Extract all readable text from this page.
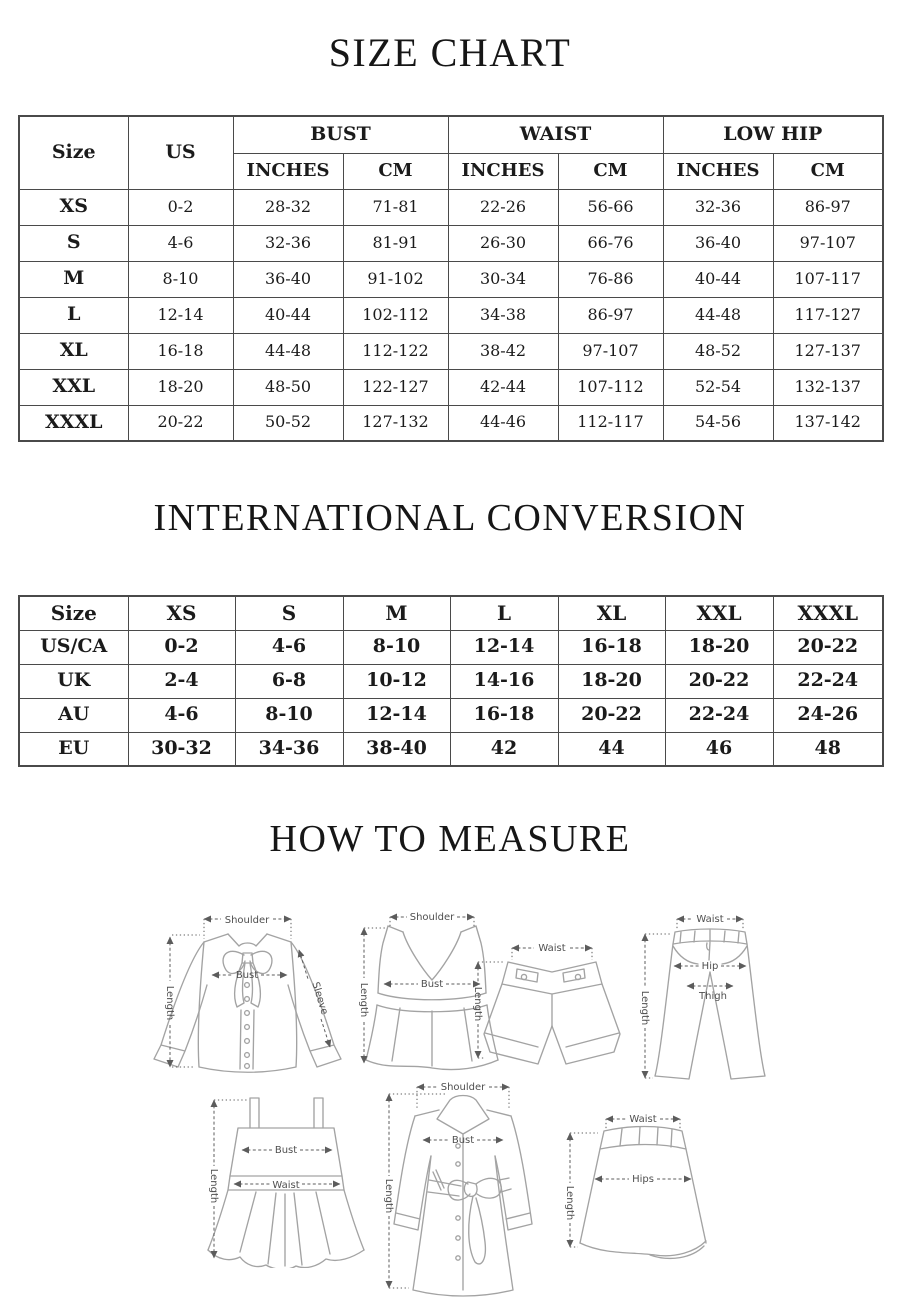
SIZE CHART
Size	US	BUST		WAIST		LOW HIP	
		INCHES	CM	INCHES	CM	INCHES	CM
XS	0-2	28-32	71-81	22-26	56-66	32-36	86-97
S	4-6	32-36	81-91	26-30	66-76	36-40	97-107
M	8-10	36-40	91-102	30-34	76-86	40-44	107-117
L	12-14	40-44	102-112	34-38	86-97	44-48	117-127
XL	16-18	44-48	112-122	38-42	97-107	48-52	127-137
XXL	18-20	48-50	122-127	42-44	107-112	52-54	132-137
XXXL	20-22	50-52	127-132	44-46	112-117	54-56	137-142
INTERNATIONAL CONVERSION
Size	XS	S	M	L	XL	XXL	XXXL
US/CA	0-2	4-6	8-10	12-14	16-18	18-20	20-22
UK	2-4	6-8	10-12	14-16	18-20	20-22	22-24
AU	4-6	8-10	12-14	16-18	20-22	22-24	24-26
EU	30-32	34-36	38-40	42	44	46	48
HOW TO MEASURE
Shoulder
Length
Bust
Sleeve
Shoulder
Length	Bust
Waist
Length
Waist
Hip
Thigh
Length
Bust
Waist
Length
Shoulder
Bust
Length
Waist
Hips
Length
